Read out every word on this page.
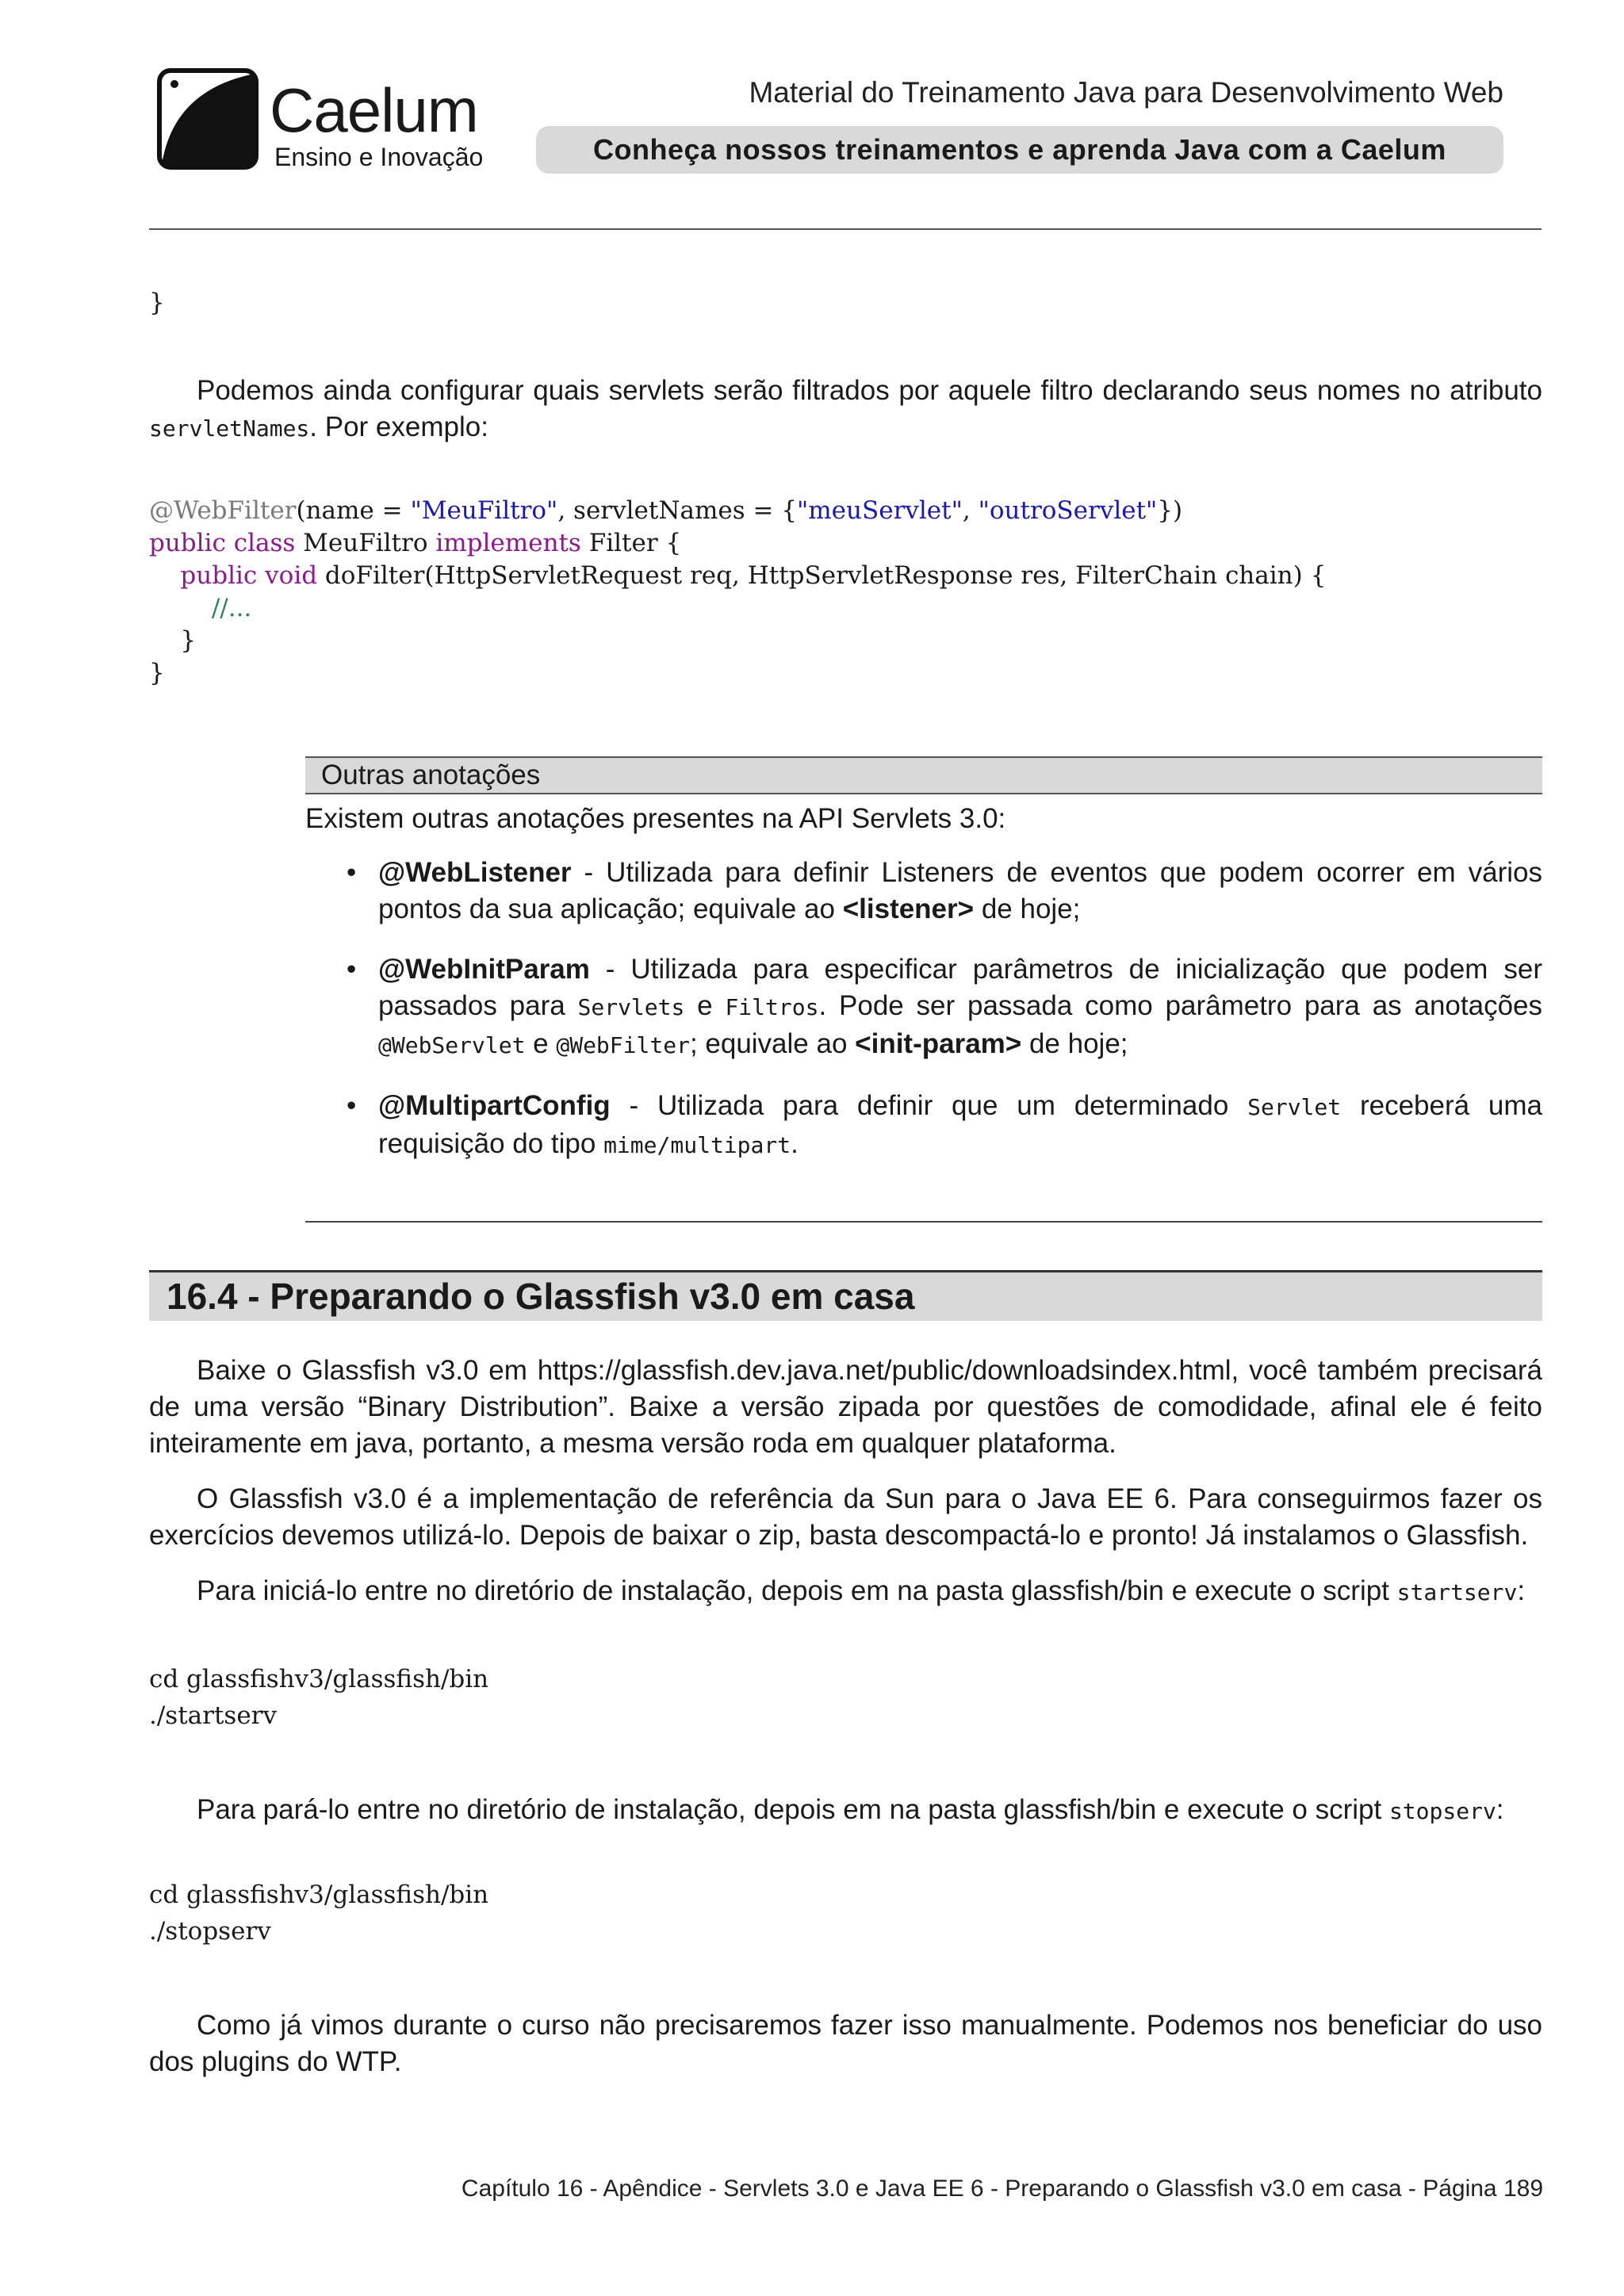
Caelum
Ensino e Inovação
Material do Treinamento Java para Desenvolvimento Web
Conheça nossos treinamentos e aprenda Java com a Caelum
}

Podemos ainda configurar quais servlets serão filtrados por aquele filtro declarando seus nomes no atributo servletNames. Por exemplo:

@WebFilter(name = "MeuFiltro", servletNames = {"meuServlet", "outroServlet"})
public class MeuFiltro implements Filter {
public void doFilter(HttpServletRequest req, HttpServletResponse res, FilterChain chain) {
//...
}
}
Outras anotações

Existem outras anotações presentes na API Servlets 3.0:

• @WebListener - Utilizada para definir Listeners de eventos que podem ocorrer em vários pontos da sua aplicação; equivale ao <listener> de hoje;
• @WebInitParam - Utilizada para especificar parâmetros de inicialização que podem ser passados para Servlets e Filtros. Pode ser passada como parâmetro para as anotações @WebServlet e @WebFilter; equivale ao <init-param> de hoje;
• @MultipartConfig - Utilizada para definir que um determinado Servlet receberá uma requisição do tipo mime/multipart.
16.4 - Preparando o Glassfish v3.0 em casa

Baixe o Glassfish v3.0 em https://glassfish.dev.java.net/public/downloadsindex.html, você também precisará de uma versão “Binary Distribution”. Baixe a versão zipada por questões de comodidade, afinal ele é feito inteiramente em java, portanto, a mesma versão roda em qualquer plataforma.

O Glassfish v3.0 é a implementação de referência da Sun para o Java EE 6. Para conseguirmos fazer os exercícios devemos utilizá-lo. Depois de baixar o zip, basta descompactá-lo e pronto! Já instalamos o Glassfish.

Para iniciá-lo entre no diretório de instalação, depois em na pasta glassfish/bin e execute o script startserv:

cd glassfishv3/glassfish/bin
./startserv

Para pará-lo entre no diretório de instalação, depois em na pasta glassfish/bin e execute o script stopserv:

cd glassfishv3/glassfish/bin
./stopserv

Como já vimos durante o curso não precisaremos fazer isso manualmente. Podemos nos beneficiar do uso dos plugins do WTP.

Capítulo 16 - Apêndice - Servlets 3.0 e Java EE 6 - Preparando o Glassfish v3.0 em casa - Página 189
